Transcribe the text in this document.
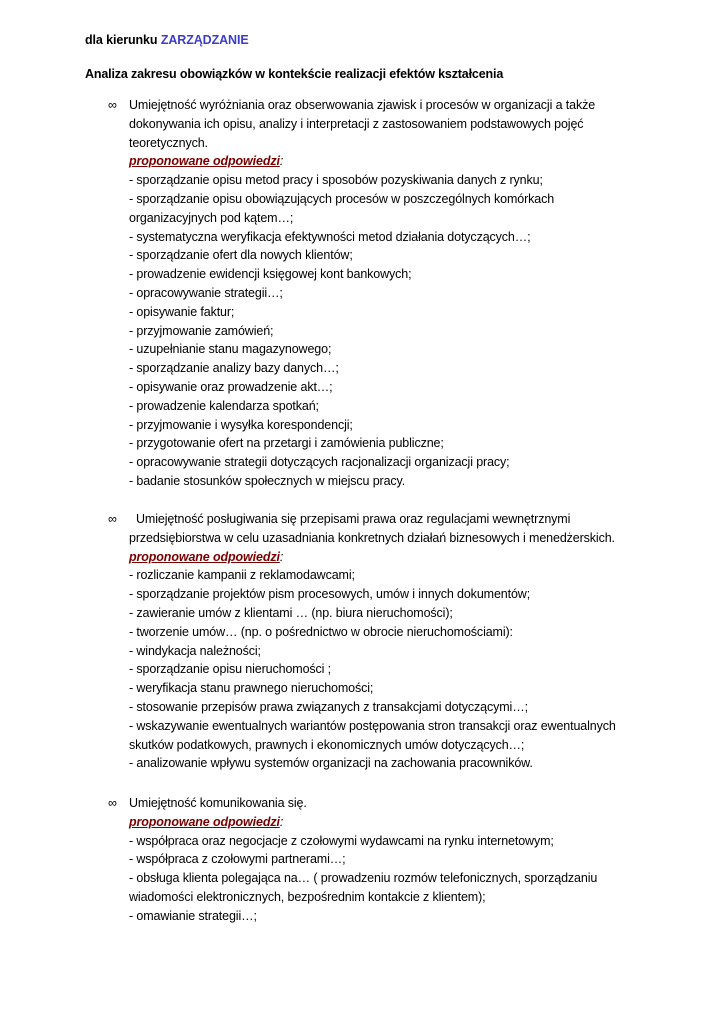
dla kierunku ZARZĄDZANIE
Analiza zakresu obowiązków w kontekście realizacji efektów kształcenia
∞ Umiejętność wyróżniania oraz obserwowania zjawisk i procesów w organizacji a także
dokonywania ich opisu, analizy i interpretacji z zastosowaniem podstawowych pojęć
teoretycznych.
proponowane odpowiedzi:
- sporządzanie opisu metod pracy i sposobów pozyskiwania danych z rynku;
- sporządzanie opisu obowiązujących procesów w poszczególnych komórkach
organizacyjnych pod kątem…;
- systematyczna weryfikacja efektywności metod działania dotyczących…;
- sporządzanie ofert dla nowych klientów;
- prowadzenie ewidencji księgowej kont bankowych;
- opracowywanie strategii…;
- opisywanie faktur;
- przyjmowanie zamówień;
- uzupełnianie stanu magazynowego;
- sporządzanie analizy bazy danych…;
- opisywanie oraz prowadzenie akt…;
- prowadzenie kalendarza spotkań;
- przyjmowanie i wysyłka korespondencji;
- przygotowanie ofert na przetargi i zamówienia publiczne;
- opracowywanie strategii dotyczących racjonalizacji organizacji pracy;
- badanie stosunków społecznych w miejscu pracy.
∞ Umiejętność posługiwania się przepisami prawa oraz regulacjami wewnętrznymi
przedsiębiorstwa w celu uzasadniania konkretnych działań biznesowych i menedżerskich.
proponowane odpowiedzi:
- rozliczanie kampanii z reklamodawcami;
- sporządzanie projektów pism procesowych, umów i innych dokumentów;
- zawieranie umów z klientami … (np. biura nieruchomości);
- tworzenie umów… (np. o pośrednictwo w obrocie nieruchomościami):
- windykacja należności;
- sporządzanie opisu nieruchomości ;
- weryfikacja stanu prawnego nieruchomości;
- stosowanie przepisów prawa związanych z transakcjami dotyczącymi…;
- wskazywanie ewentualnych wariantów postępowania stron transakcji oraz ewentualnych
skutków podatkowych, prawnych i ekonomicznych umów dotyczących…;
- analizowanie wpływu systemów organizacji na zachowania pracowników.
∞ Umiejętność komunikowania się.
proponowane odpowiedzi:
- współpraca oraz negocjacje z czołowymi wydawcami na rynku internetowym;
- współpraca z czołowymi partnerami…;
- obsługa klienta polegająca na… ( prowadzeniu rozmów telefonicznych, sporządzaniu
wiadomości elektronicznych, bezpośrednim kontakcie z klientem);
- omawianie strategii…;
